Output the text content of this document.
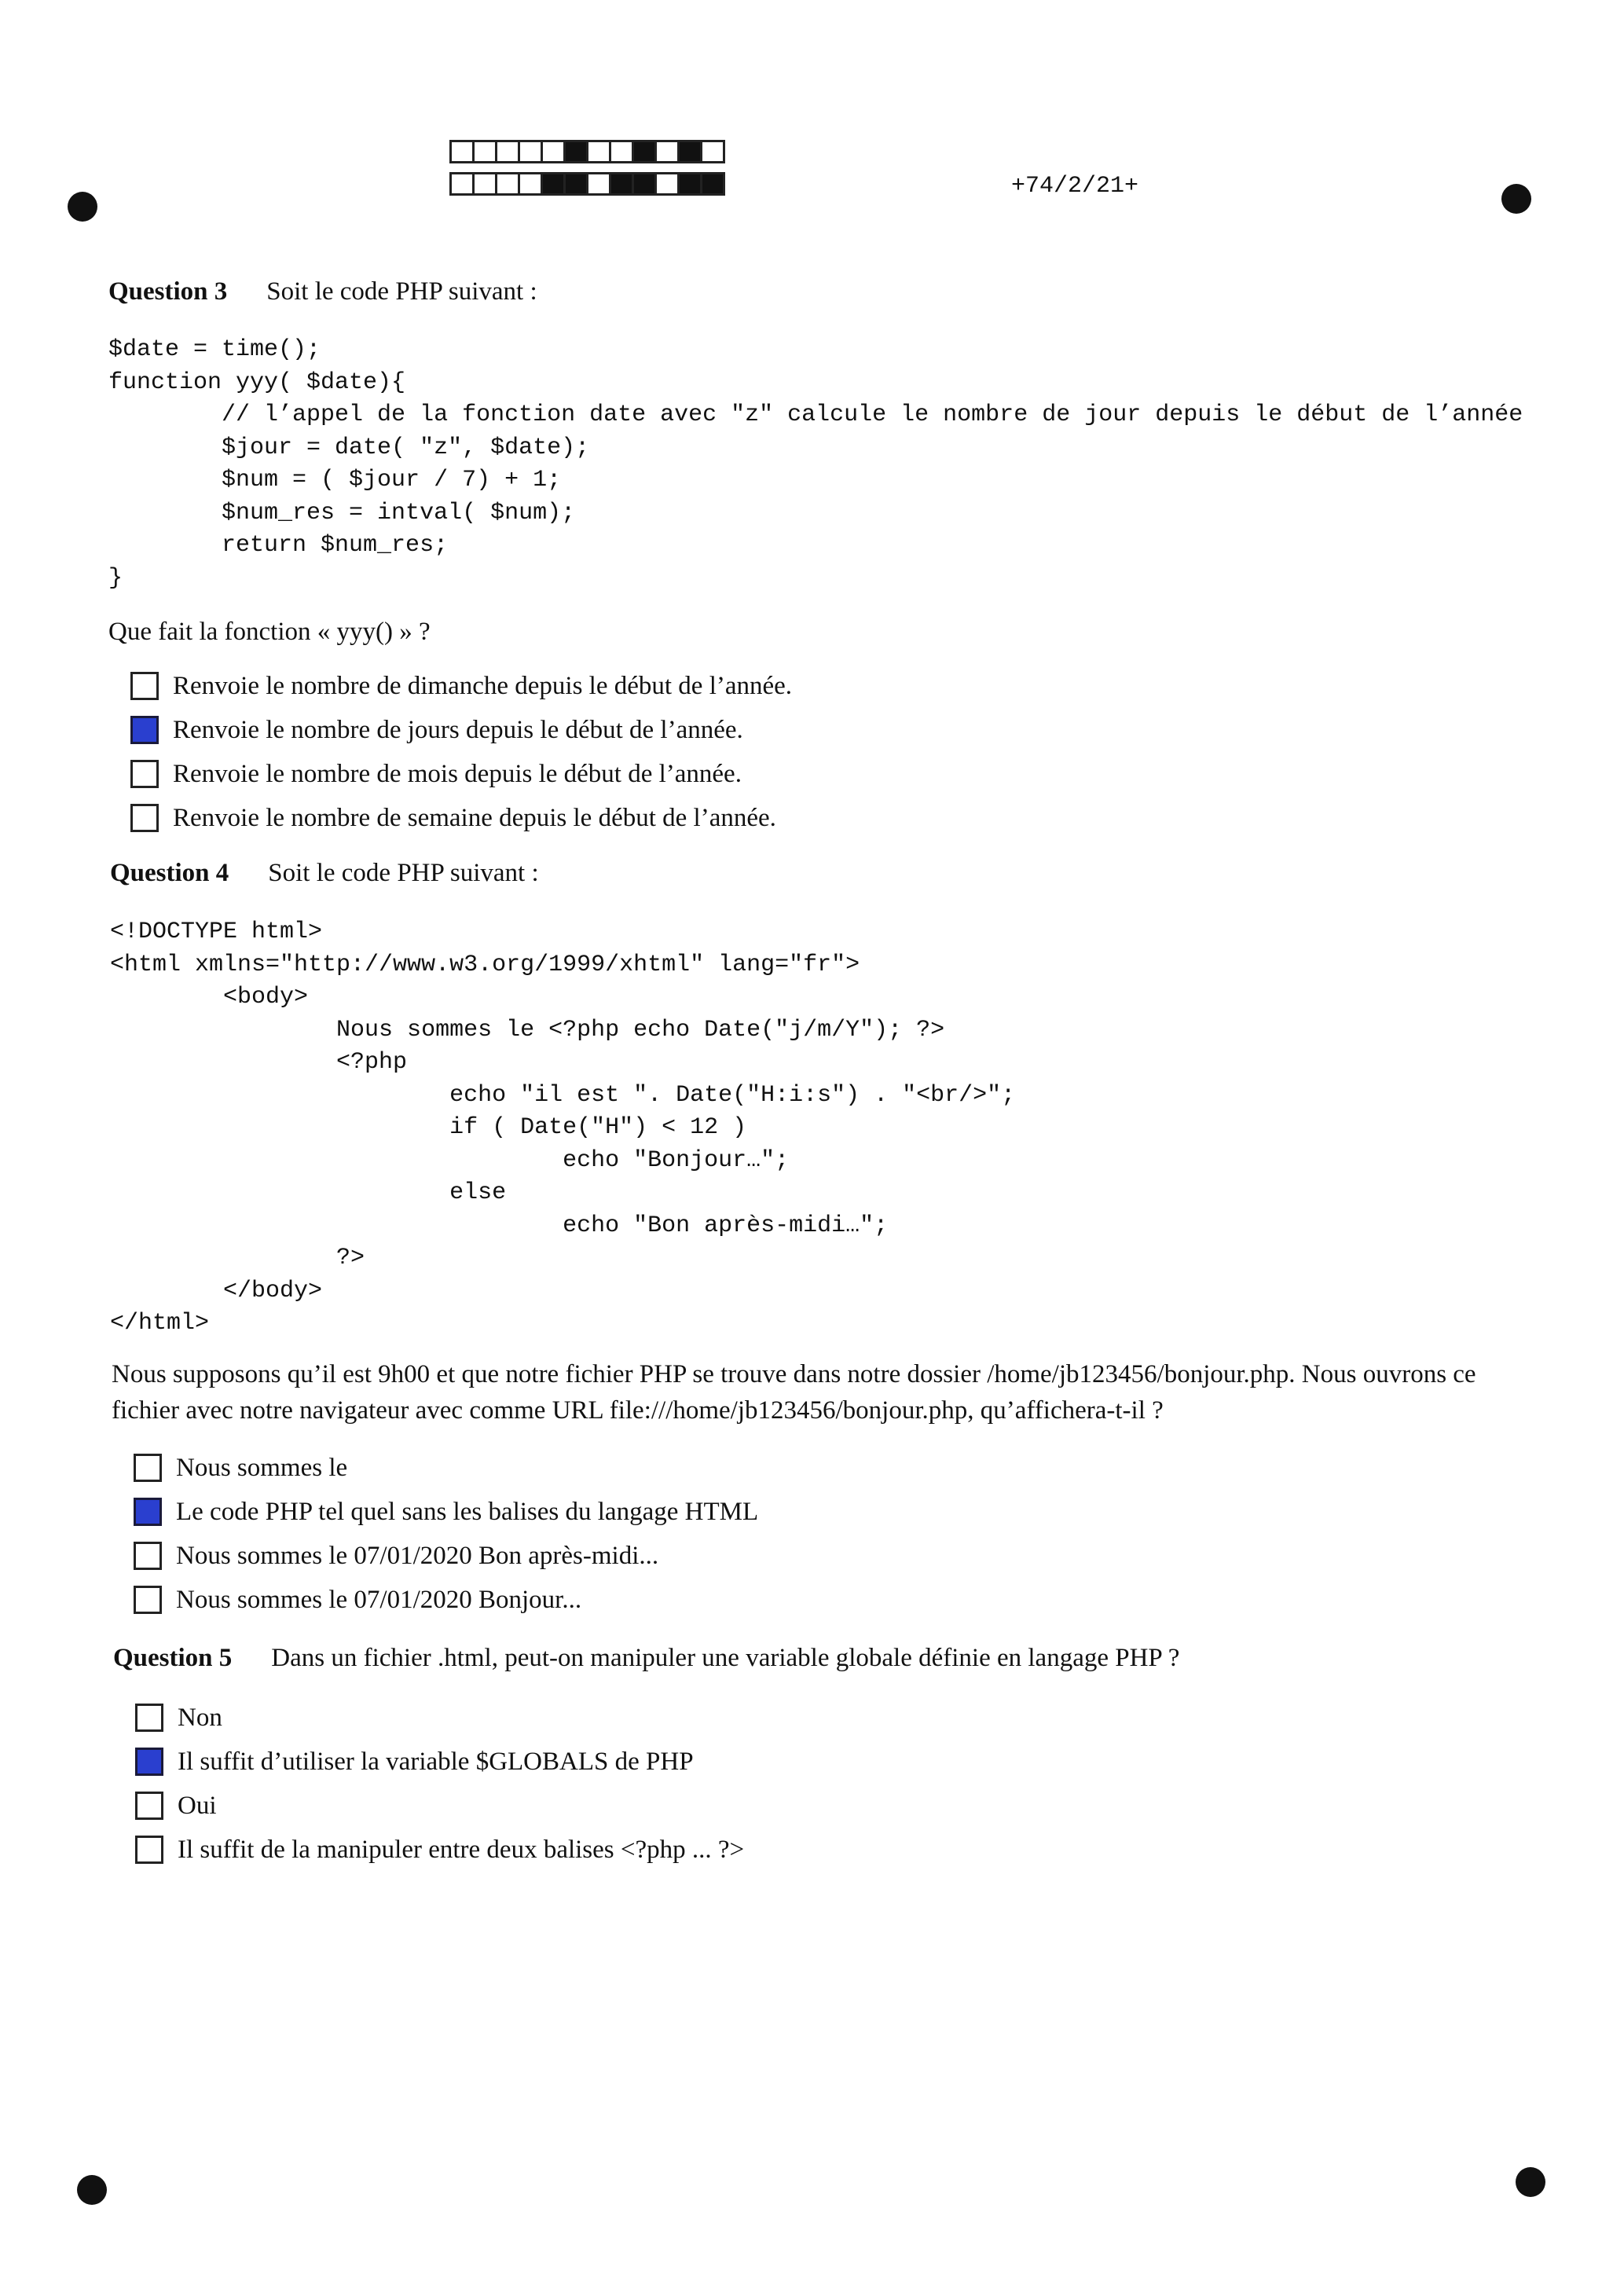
+74/2/21+
Question 3 Soit le code PHP suivant :
$date = time();
function yyy( $date){
// l’appel de la fonction date avec "z" calcule le nombre de jour depuis le début de l’année
$jour = date( "z", $date);
$num = ( $jour / 7) + 1;
$num_res = intval( $num);
return $num_res;
}
Que fait la fonction « yyy() » ?
Renvoie le nombre de dimanche depuis le début de l’année.
Renvoie le nombre de jours depuis le début de l’année.
Renvoie le nombre de mois depuis le début de l’année.
Renvoie le nombre de semaine depuis le début de l’année.
Question 4 Soit le code PHP suivant :
<!DOCTYPE html>
<html xmlns="http://www.w3.org/1999/xhtml" lang="fr">
<body>
Nous sommes le <?php echo Date("j/m/Y"); ?>
<?php
echo "il est ". Date("H:i:s") . "<br/>";
if ( Date("H") < 12 )
echo "Bonjour…";
else
echo "Bon après-midi…";
?>
</body>
</html>
Nous supposons qu’il est 9h00 et que notre fichier PHP se trouve dans notre dossier /home/jb123456/bonjour.php. Nous ouvrons ce fichier avec notre navigateur avec comme URL file:///home/jb123456/bonjour.php, qu’affichera-t-il ?
Nous sommes le
Le code PHP tel quel sans les balises du langage HTML
Nous sommes le 07/01/2020 Bon après-midi...
Nous sommes le 07/01/2020 Bonjour...
Question 5 Dans un fichier .html, peut-on manipuler une variable globale définie en langage PHP ?
Non
Il suffit d’utiliser la variable $GLOBALS de PHP
Oui
Il suffit de la manipuler entre deux balises <?php ... ?>
